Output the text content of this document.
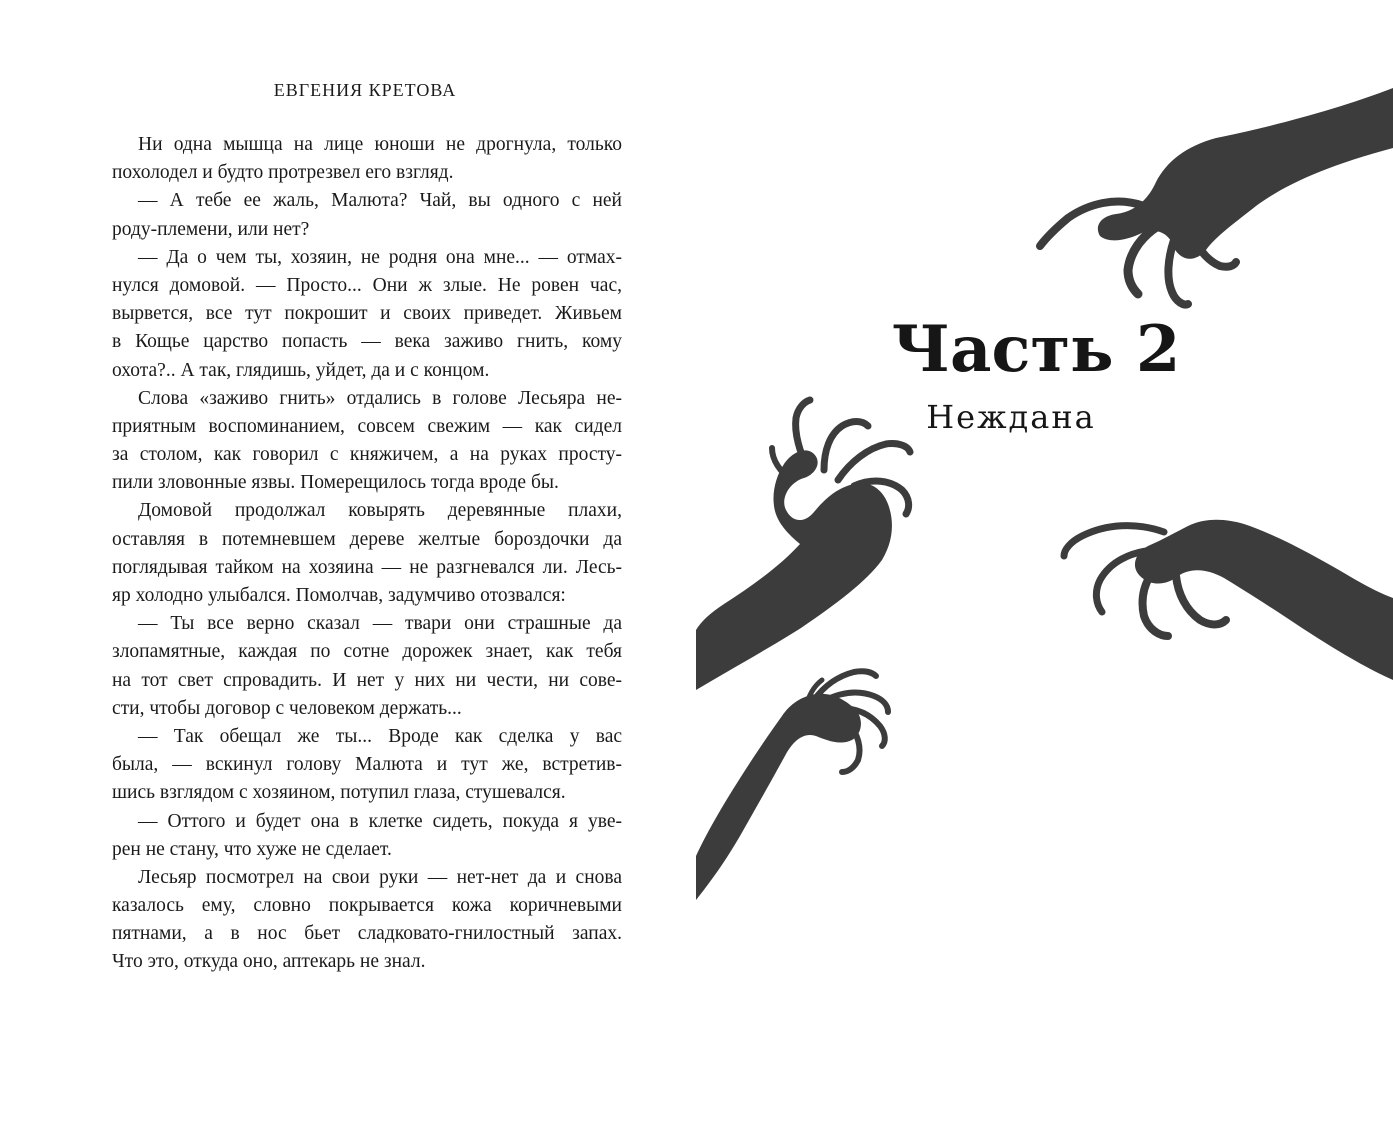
ЕВГЕНИЯ КРЕТОВА
Ни одна мышца на лице юноши не дрогнула, только
похолодел и будто протрезвел его взгляд.
— А тебе ее жаль, Малюта? Чай, вы одного с ней
роду-племени, или нет?
— Да о чем ты, хозяин, не родня она мне... — отмах-
нулся домовой. — Просто... Они ж злые. Не ровен час,
вырвется, все тут покрошит и своих приведет. Живьем
в Кощье царство попасть — века заживо гнить, кому
охота?.. А так, глядишь, уйдет, да и с концом.
Слова «заживо гнить» отдались в голове Лесьяра не-
приятным воспоминанием, совсем свежим — как сидел
за столом, как говорил с княжичем, а на руках просту-
пили зловонные язвы. Померещилось тогда вроде бы.
Домовой продолжал ковырять деревянные плахи,
оставляя в потемневшем дереве желтые бороздочки да
поглядывая тайком на хозяина — не разгневался ли. Лесь-
яр холодно улыбался. Помолчав, задумчиво отозвался:
— Ты все верно сказал — твари они страшные да
злопамятные, каждая по сотне дорожек знает, как тебя
на тот свет спровадить. И нет у них ни чести, ни сове-
сти, чтобы договор с человеком держать...
— Так обещал же ты... Вроде как сделка у вас
была, — вскинул голову Малюта и тут же, встретив-
шись взглядом с хозяином, потупил глаза, стушевался.
— Оттого и будет она в клетке сидеть, покуда я уве-
рен не стану, что хуже не сделает.
Лесьяр посмотрел на свои руки — нет-нет да и снова
казалось ему, словно покрывается кожа коричневыми
пятнами, а в нос бьет сладковато-гнилостный запах.
Что это, откуда оно, аптекарь не знал.
Часть 2
Неждана
